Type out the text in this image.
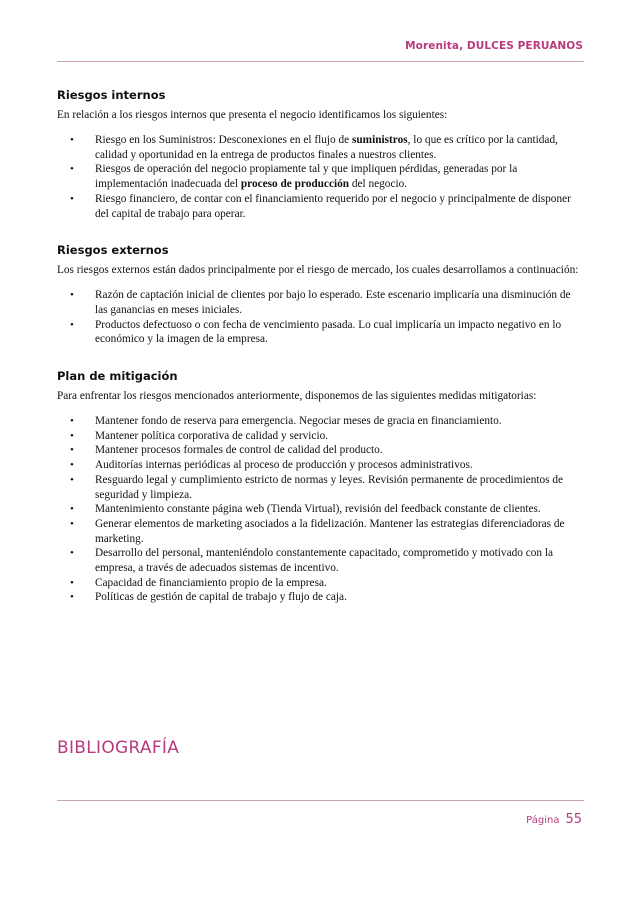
Morenita, DULCES PERUANOS
Riesgos internos

En relación a los riesgos internos que presenta el negocio identificamos los siguientes:

• Riesgo en los Suministros: Desconexiones en el flujo de suministros, lo que es crítico por la cantidad, calidad y oportunidad en la entrega de productos finales a nuestros clientes.
• Riesgos de operación del negocio propiamente tal y que impliquen pérdidas, generadas por la implementación inadecuada del proceso de producción del negocio.
• Riesgo financiero, de contar con el financiamiento requerido por el negocio y principalmente de disponer del capital de trabajo para operar.
Riesgos externos

Los riesgos externos están dados principalmente por el riesgo de mercado, los cuales desarrollamos a continuación:

• Razón de captación inicial de clientes por bajo lo esperado. Este escenario implicaría una disminución de las ganancias en meses iniciales.
• Productos defectuoso o con fecha de vencimiento pasada. Lo cual implicaría un impacto negativo en lo económico y la imagen de la empresa.
Plan de mitigación

Para enfrentar los riesgos mencionados anteriormente, disponemos de las siguientes medidas mitigatorias:

• Mantener fondo de reserva para emergencia. Negociar meses de gracia en financiamiento.
• Mantener política corporativa de calidad y servicio.
• Mantener procesos formales de control de calidad del producto.
• Auditorías internas periódicas al proceso de producción y procesos administrativos.
• Resguardo legal y cumplimiento estricto de normas y leyes. Revisión permanente de procedimientos de seguridad y limpieza.
• Mantenimiento constante página web (Tienda Virtual), revisión del feedback constante de clientes.
• Generar elementos de marketing asociados a la fidelización. Mantener las estrategias diferenciadoras de marketing.
• Desarrollo del personal, manteniéndolo constantemente capacitado, comprometido y motivado con la empresa, a través de adecuados sistemas de incentivo.
• Capacidad de financiamiento propio de la empresa.
• Políticas de gestión de capital de trabajo y flujo de caja.
BIBLIOGRAFÍA
Página 55
